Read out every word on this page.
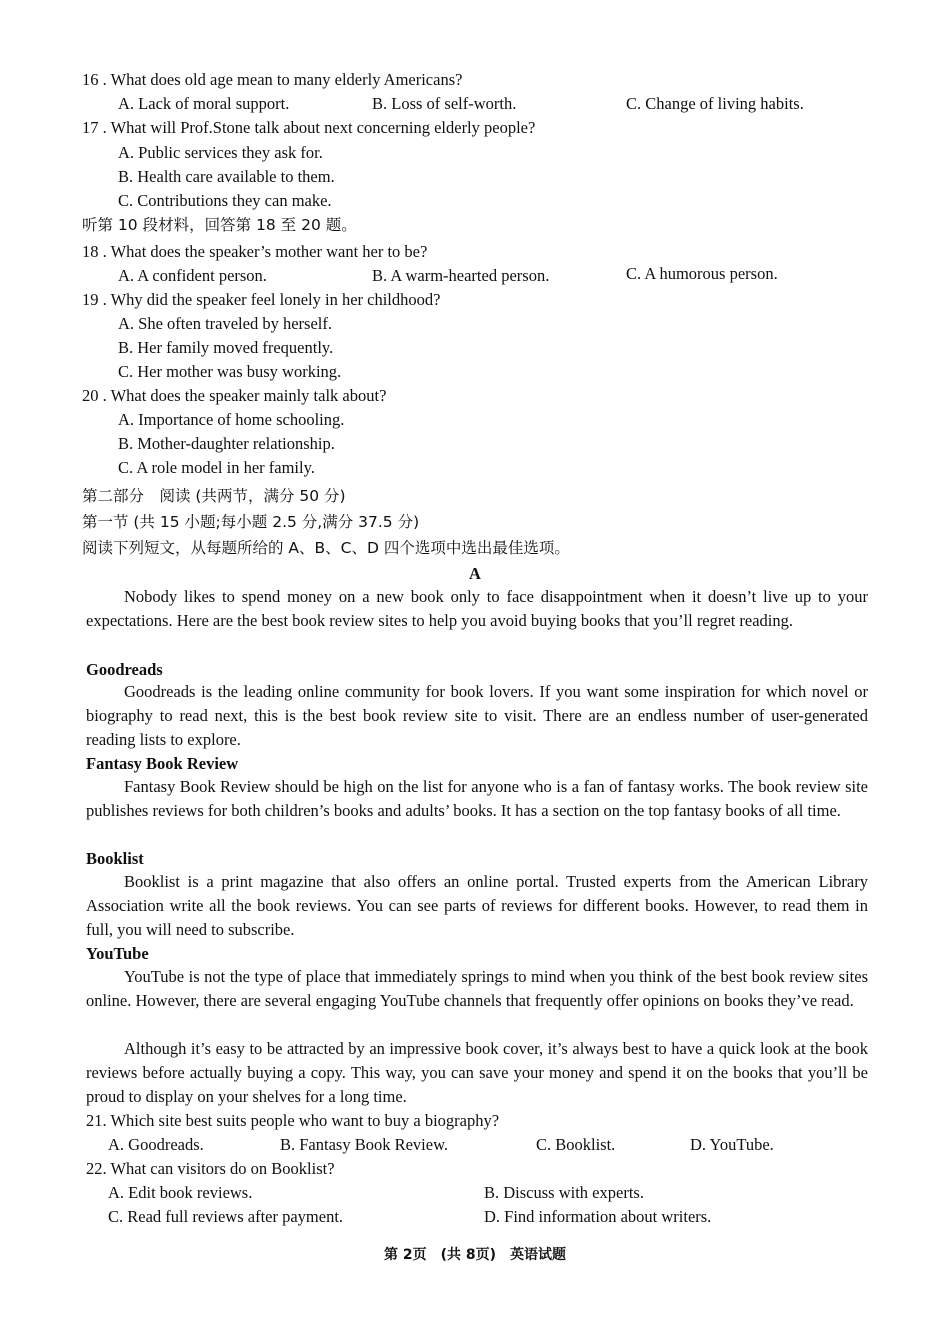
16 . What does old age mean to many elderly Americans?
A. Lack of moral support.	B. Loss of self-worth.	C. Change of living habits.
17 . What will Prof.Stone talk about next concerning elderly people?
A. Public services they ask for.
B. Health care available to them.
C. Contributions they can make.
听第 10 段材料，回答第 18 至 20 题。
18 . What does the speaker’s mother want her to be?
A. A confident person.	B. A warm-hearted person.	C. A humorous person.
19 . Why did the speaker feel lonely in her childhood?
A. She often traveled by herself.
B. Her family moved frequently.
C. Her mother was busy working.
20 . What does the speaker mainly talk about?
A. Importance of home schooling.
B. Mother-daughter relationship.
C. A role model in her family.
第二部分　阅读 (共两节，满分 50 分)
第一节 (共 15 小题;每小题 2.5 分,满分 37.5 分)
阅读下列短文，从每题所给的 A、B、C、D 四个选项中选出最佳选项。
A
Nobody likes to spend money on a new book only to face disappointment when it doesn’t live up to your expectations. Here are the best book review sites to help you avoid buying books that you’ll regret reading.
Goodreads
Goodreads is the leading online community for book lovers. If you want some inspiration for which novel or biography to read next, this is the best book review site to visit. There are an endless number of user-generated reading lists to explore.
Fantasy Book Review
Fantasy Book Review should be high on the list for anyone who is a fan of fantasy works. The book review site publishes reviews for both children’s books and adults’ books. It has a section on the top fantasy books of all time.
Booklist
Booklist is a print magazine that also offers an online portal. Trusted experts from the American Library Association write all the book reviews. You can see parts of reviews for different books. However, to read them in full, you will need to subscribe.
YouTube
YouTube is not the type of place that immediately springs to mind when you think of the best book review sites online. However, there are several engaging YouTube channels that frequently offer opinions on books they’ve read.
Although it’s easy to be attracted by an impressive book cover, it’s always best to have a quick look at the book reviews before actually buying a copy. This way, you can save your money and spend it on the books that you’ll be proud to display on your shelves for a long time.
21. Which site best suits people who want to buy a biography?
A. Goodreads.	B. Fantasy Book Review.	C. Booklist.	D. YouTube.
22. What can visitors do on Booklist?
A. Edit book reviews.	B. Discuss with experts.
C. Read full reviews after payment.	D. Find information about writers.
第 2页　(共 8页)　英语试题
